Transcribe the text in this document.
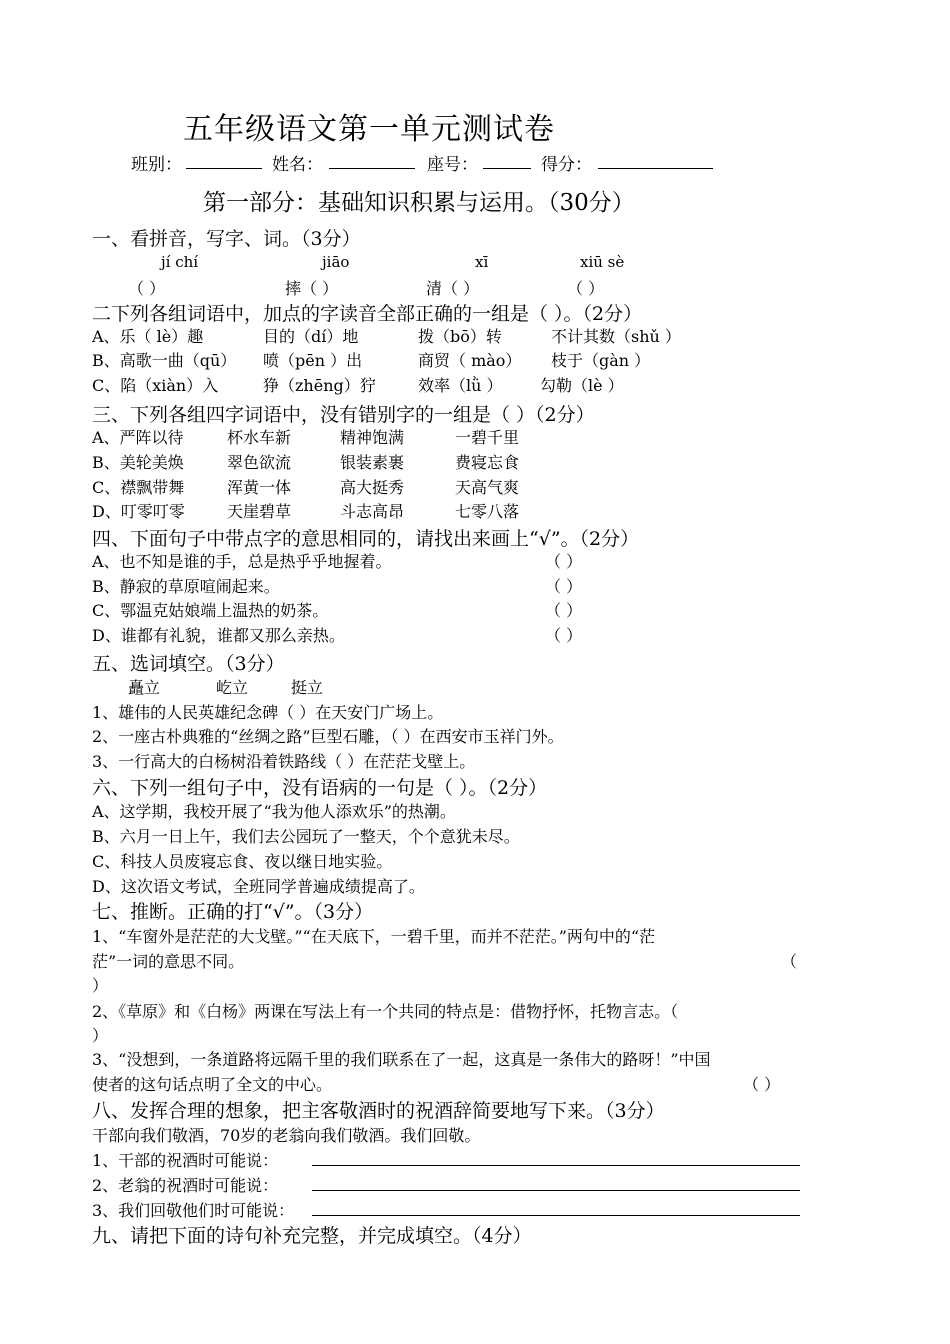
五年级语文第一单元测试卷
班别：	姓名：	座号：	得分：
第一部分：基础知识积累与运用。（30分）
一、看拼音，写字、词。（3分）
jí chí	jiāo	xī	xiū sè
（ ）	摔（ ）	清（ ）	（ ）
二下列各组词语中，加点的字读音全部正确的一组是（ ）。（2分）
A、乐（ lè）趣	目的（dí）地	拨（bō）转	不计其数（shǔ ）
B、高歌一曲（qū） 喷（pēn ）出	商贸（ mào） 枝于（gàn ）
C、陷（xiàn）入	狰（zhēng）狞	效率（lǜ ） 勾勒（lè ）
三、下列各组四字词语中，没有错别字的一组是（ ）（2分）
A、严阵以待	杯水车新	精神饱满	一碧千里
B、美轮美焕	翠色欲流	银装素裹	费寝忘食
C、襟飘带舞	浑黄一体	高大挺秀	天高气爽
D、叮零叮零	天崖碧草	斗志高昂	七零八落
四、下面句子中带点字的意思相同的，请找出来画上“√”。（2分）
A、也不知是谁的手，总是热乎乎地握着。	（ ）
B、静寂的草原喧闹起来。	（ ）
C、鄂温克姑娘端上温热的奶茶。	（ ）
D、谁都有礼貌，谁都又那么亲热。	（ ）
五、选词填空。（3分）
矗立	屹立	挺立
1、雄伟的人民英雄纪念碑（ ）在天安门广场上。
2、一座古朴典雅的“丝绸之路”巨型石雕，（ ）在西安市玉祥门外。
3、一行高大的白杨树沿着铁路线（ ）在茫茫戈壁上。
六、下列一组句子中，没有语病的一句是（ ）。（2分）
A、这学期，我校开展了“我为他人添欢乐”的热潮。
B、六月一日上午，我们去公园玩了一整天，个个意犹未尽。
C、科技人员废寝忘食、夜以继日地实验。
D、这次语文考试，全班同学普遍成绩提高了。
七、推断。正确的打“√”。（3分）
1、“车窗外是茫茫的大戈壁。”“在天底下，一碧千里，而并不茫茫。”两句中的“茫
茫”一词的意思不同。	（
）
2、《草原》和《白杨》两课在写法上有一个共同的特点是：借物抒怀，托物言志。（
）
3、“没想到，一条道路将远隔千里的我们联系在了一起，这真是一条伟大的路呀！”中国
使者的这句话点明了全文的中心。	（ ）
八、发挥合理的想象，把主客敬酒时的祝酒辞简要地写下来。（3分）
干部向我们敬酒，70岁的老翁向我们敬酒。我们回敬。
1、干部的祝酒时可能说：
2、老翁的祝酒时可能说：
3、我们回敬他们时可能说：
九、请把下面的诗句补充完整，并完成填空。（4分）
